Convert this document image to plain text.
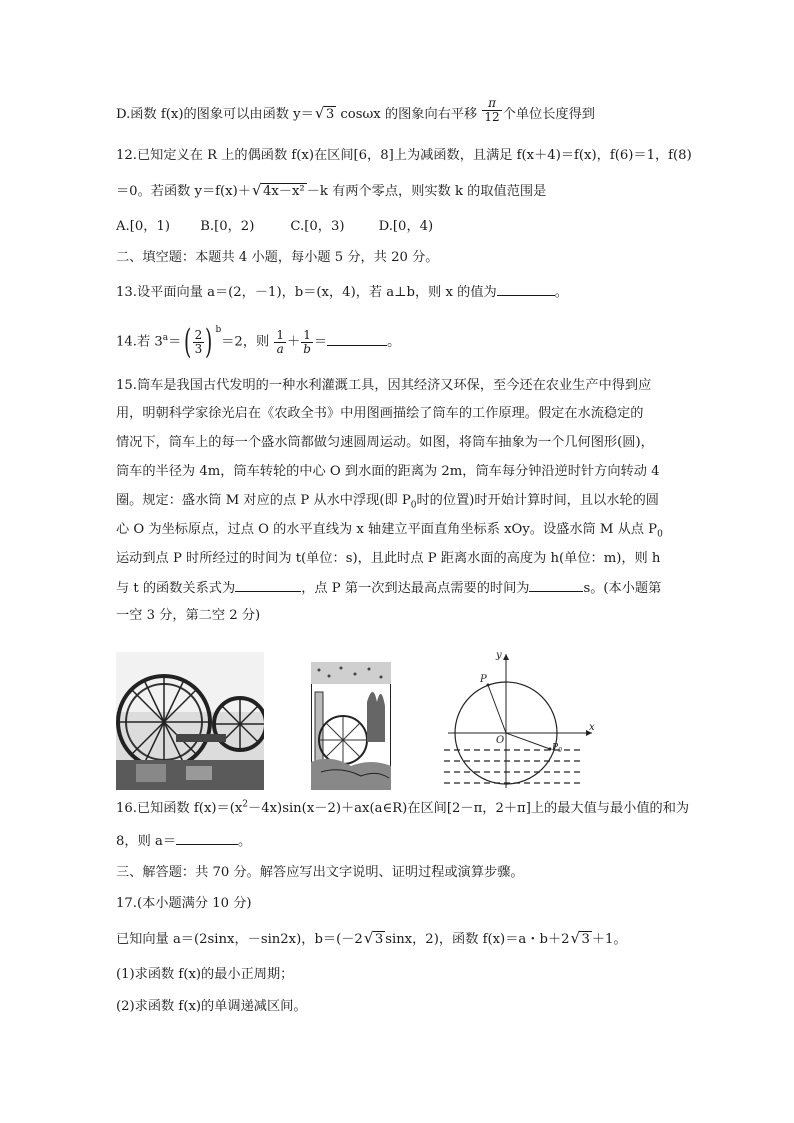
D.函数 f(x)的图象可以由函数 y＝ √ 3 cosωx 的图象向右平移 $\frac{\pi}{12}$ 个单位长度得到
12.已知定义在 R 上的偶函数 f(x)在区间[6，8]上为减函数，且满足 f(x＋4)＝f(x)，f(6)＝1，f(8)
＝0。若函数 y＝f(x)＋ √ 4x－x² －k 有两个零点，则实数 k 的取值范围是
A.[0，1) B.[0，2)	C.[0，3)	D.[0，4)
二、填空题：本题共 4 小题，每小题 5 分，共 20 分。
13.设平面向量 a＝(2，－1)，b＝(x，4)，若 a⊥b，则 x 的值为	。
14.若 $3^a=( \frac{2}{3}$ ) $^b$＝2，则 $\frac{1}{a} + \frac{1}{b}$ ＝	。
15.筒车是我国古代发明的一种水利灌溉工具，因其经济又环保，至今还在农业生产中得到应
用，明朝科学家徐光启在《农政全书》中用图画描绘了筒车的工作原理。假定在水流稳定的
情况下，筒车上的每一个盛水筒都做匀速圆周运动。如图，将筒车抽象为一个几何图形(圆)，
筒车的半径为 4m，筒车转轮的中心 O 到水面的距离为 2m，筒车每分钟沿逆时针方向转动 4
圈。规定：盛水筒 M 对应的点 P 从水中浮现(即 $P_0$时的位置)时开始计算时间，且以水轮的圆
心 O 为坐标原点，过点 O 的水平直线为 x 轴建立平面直角坐标系 xOy。设盛水筒 M 从点 $P_0$
运动到点 P 时所经过的时间为 t(单位：s)，且此时点 P 距离水面的高度为 h(单位：m)，则 h
与 t 的函数关系式为	，点 P 第一次到达最高点需要的时间为	s。(本小题第
一空 3 分，第二空 2 分)
y
x
P
O
$P_0$
16.已知函数 $f(x)=(x^2-4x)\sin(x-2)+ax(a\in R)$在区间[2－π，2＋π]上的最大值与最小值的和为
8，则 a＝	。
三、解答题：共 70 分。解答应写出文字说明、证明过程或演算步骤。
17.(本小题满分 10 分)
已知向量 a＝(2sinx，－sin2x)，b＝(－2 √ 3 sinx，2)，函数 f(x)＝a・b＋2 √ 3 ＋1。
(1)求函数 f(x)的最小正周期；
(2)求函数 f(x)的单调递减区间。
